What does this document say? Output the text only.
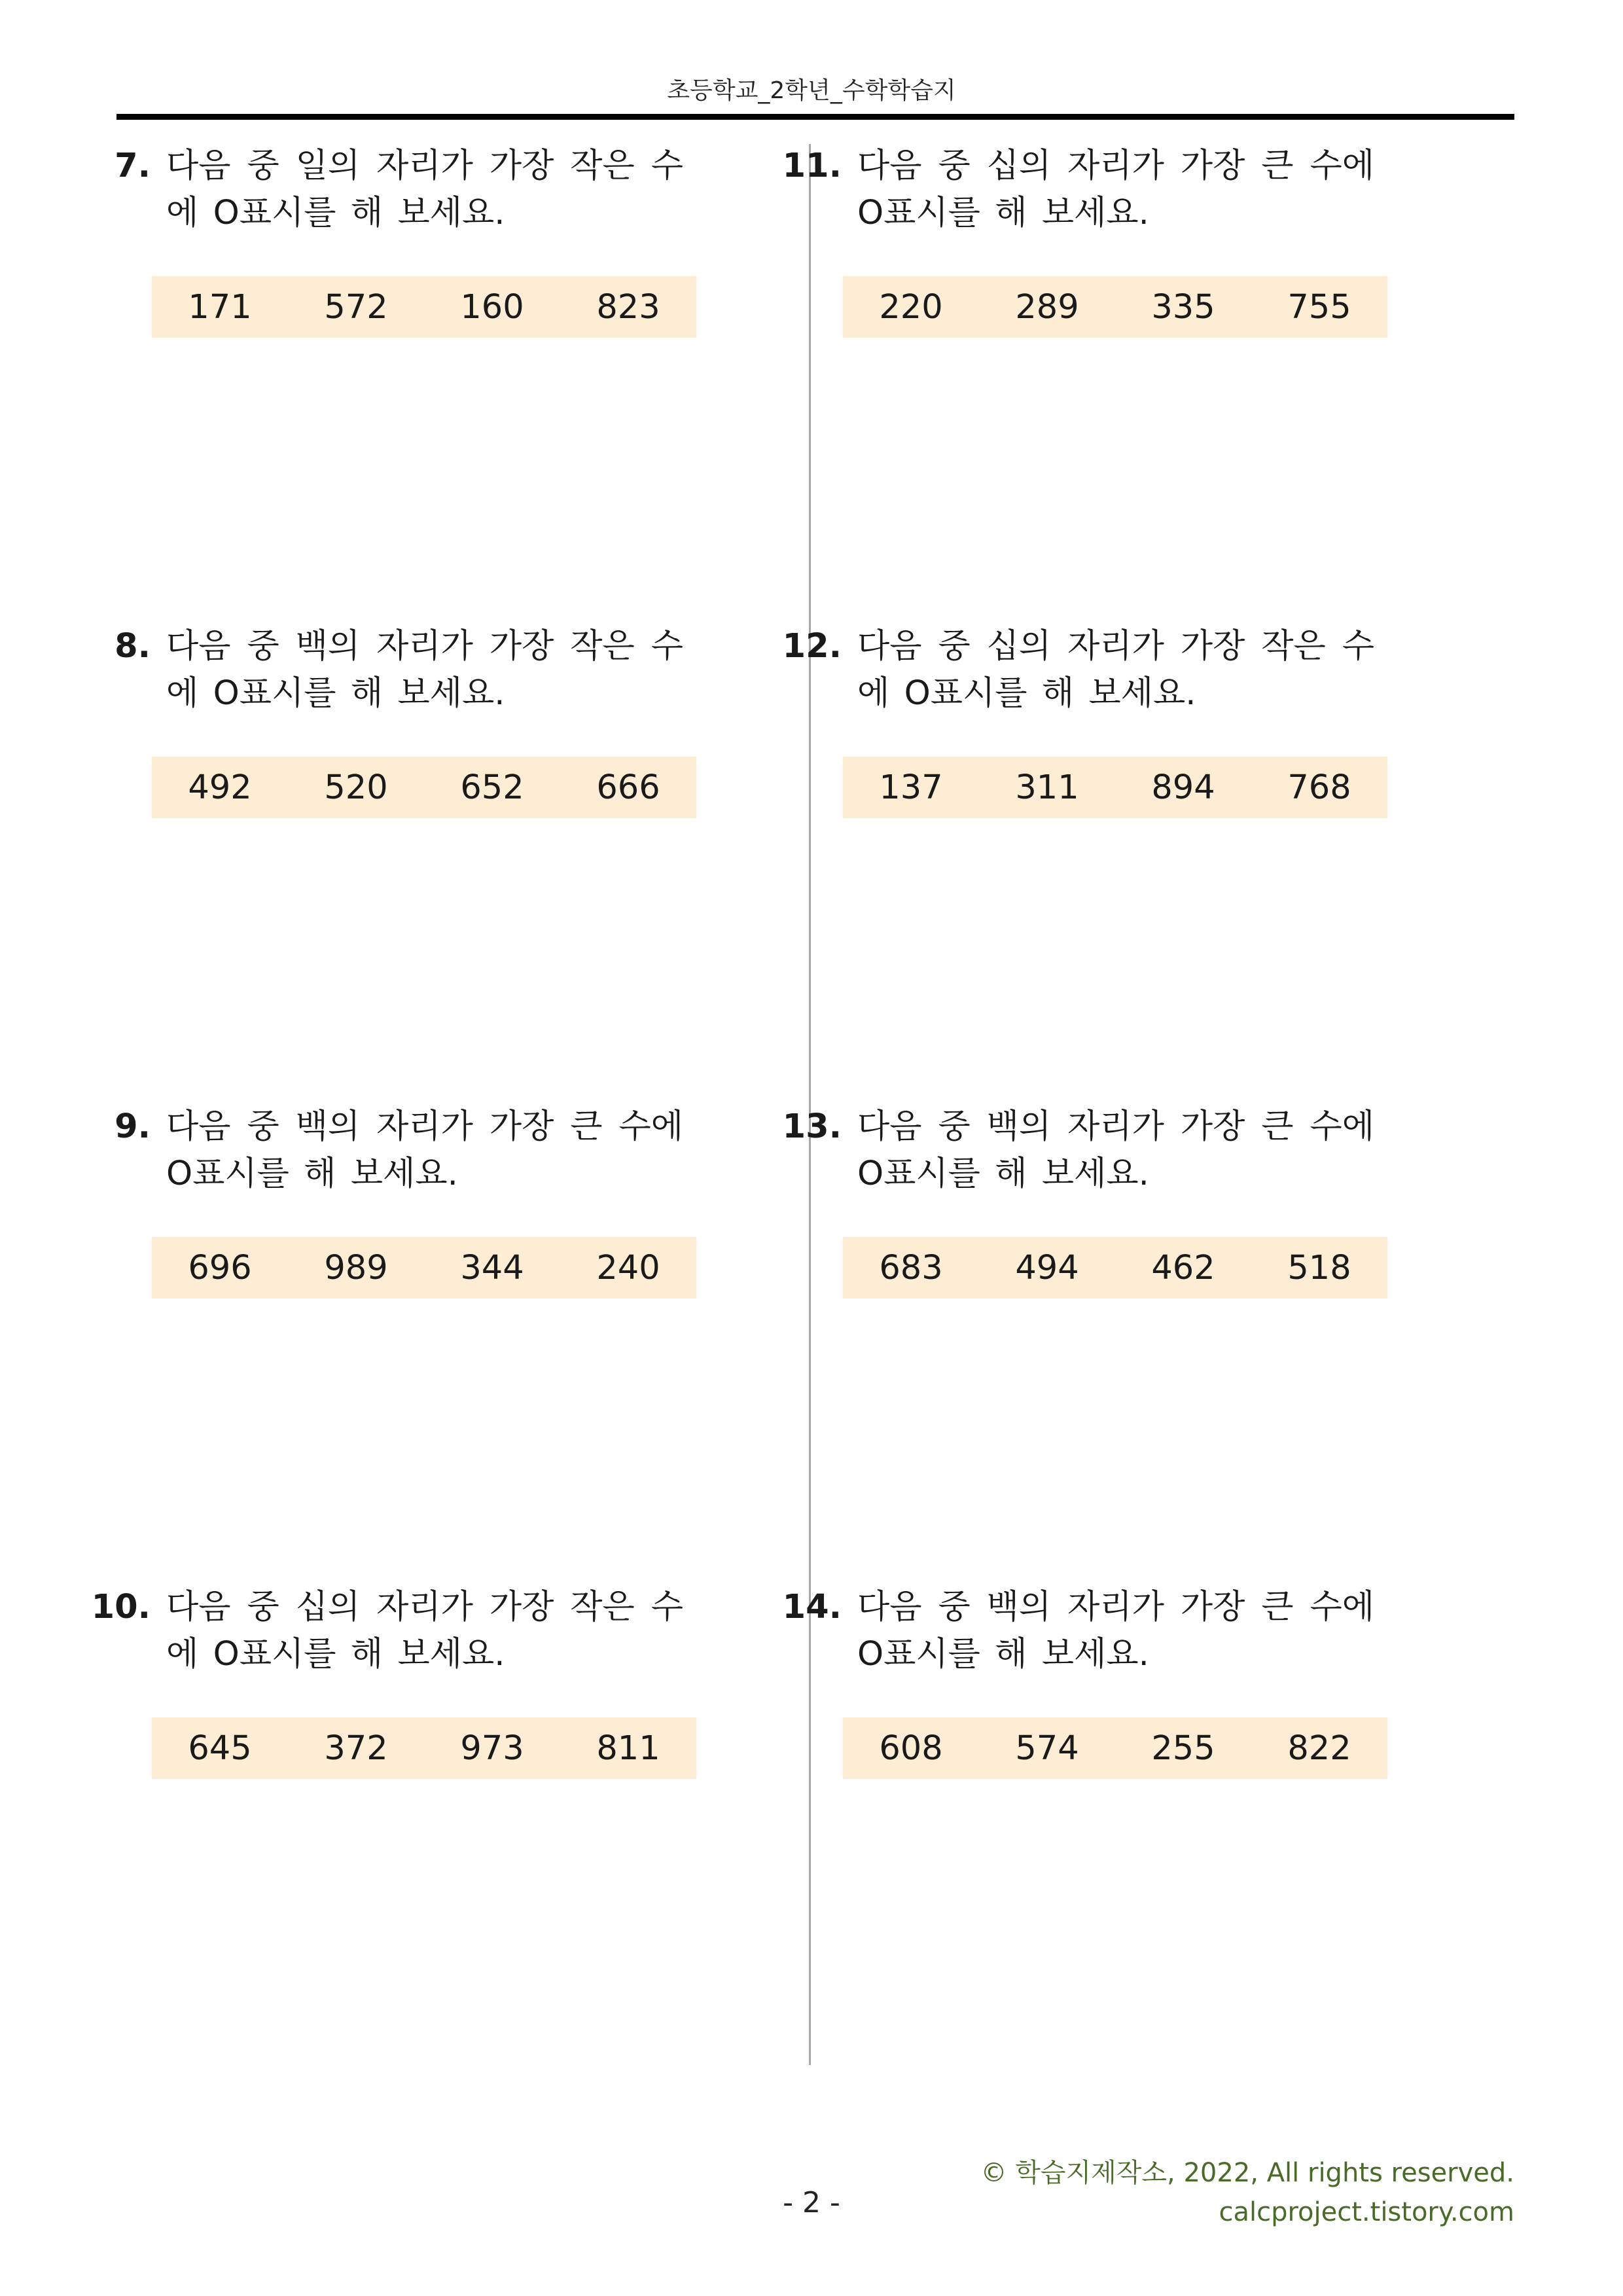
초등학교_2학년_수학학습지
7. 다음 중 일의 자리가 가장 작은 수에 O표시를 해 보세요.
171	572	160	823
8. 다음 중 백의 자리가 가장 작은 수에 O표시를 해 보세요.
492	520	652	666
9. 다음 중 백의 자리가 가장 큰 수에 O표시를 해 보세요.
696	989	344	240
10. 다음 중 십의 자리가 가장 작은 수에 O표시를 해 보세요.
645	372	973	811
11. 다음 중 십의 자리가 가장 큰 수에 O표시를 해 보세요.
220	289	335	755
12. 다음 중 십의 자리가 가장 작은 수에 O표시를 해 보세요.
137	311	894	768
13. 다음 중 백의 자리가 가장 큰 수에 O표시를 해 보세요.
683	494	462	518
14. 다음 중 백의 자리가 가장 큰 수에 O표시를 해 보세요.
608	574	255	822
- 2 -
© 학습지제작소, 2022, All rights reserved.
calcproject.tistory.com
